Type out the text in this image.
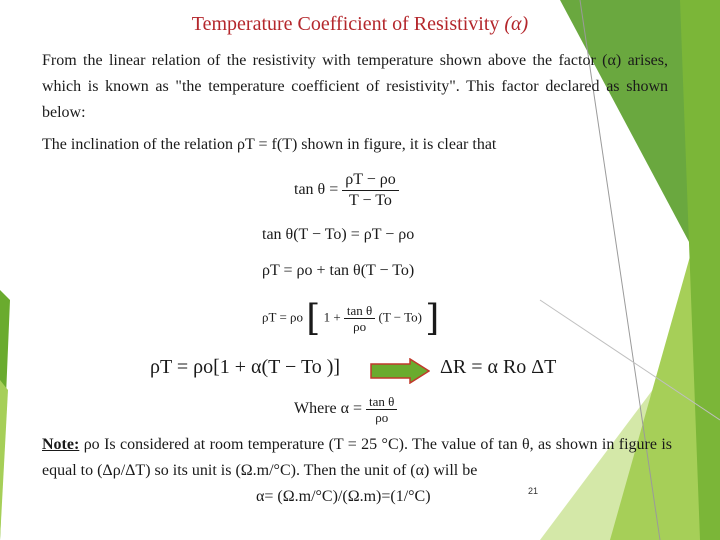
Temperature Coefficient of Resistivity (α)
From the linear relation of the resistivity with temperature shown above the factor (α) arises, which is known as "the temperature coefficient of resistivity". This factor declared as shown below:
The inclination of the relation ρT = f(T) shown in figure, it is clear that
$\tan \theta = \frac{\rho T - \rho o}{T - To}$
tan θ(T − To) = ρT − ρo
ρT = ρo + tan θ(T − To)
ρT = ρo [ $1 + \frac{\text{tan θ}}{\rho o} (T - To)$ ]
ρT = ρo[1 + α(T − To )]	ΔR = α Ro ΔT
Where $\alpha = \frac{\text{tan θ}}{\rho o}$
Note: ρo Is considered at room temperature (T = 25 °C). The value of tan θ, as shown in figure is equal to (Δρ/ΔT) so its unit is (Ω.m/°C). Then the unit of (α) will be
α= (Ω.m/°C)/(Ω.m)=(1/°C)	21
